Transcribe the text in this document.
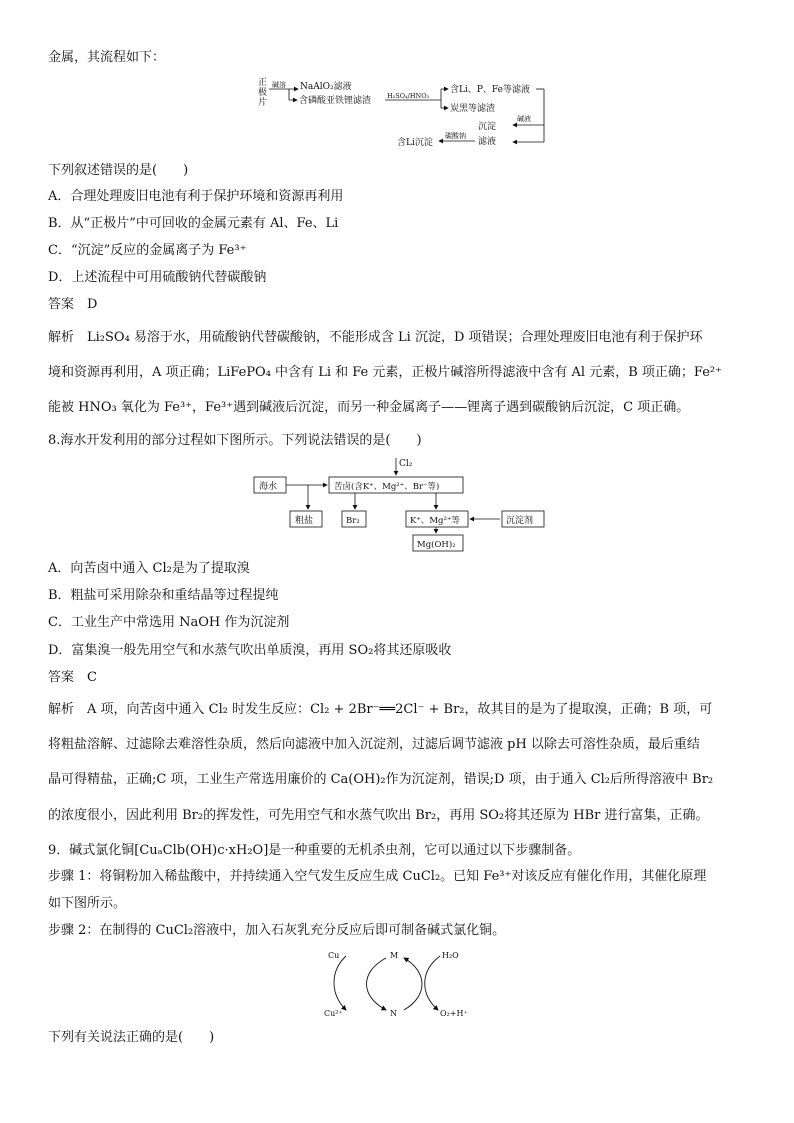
金属，其流程如下：
正
极
片
碱溶 NaAlO₂滤液
含磷酸亚铁锂滤渣 H₂SO₄/HNO₃
含Li、P、Fe等滤液
炭黑等滤渣
碱液
沉淀
滤液
碳酸钠
含Li沉淀
下列叙述错误的是(　　)
A．合理处理废旧电池有利于保护环境和资源再利用
B．从“正极片”中可回收的金属元素有 Al、Fe、Li
C．“沉淀”反应的金属离子为 Fe³⁺
D．上述流程中可用硫酸钠代替碳酸钠
答案　D
解析　Li₂SO₄ 易溶于水，用硫酸钠代替碳酸钠，不能形成含 Li 沉淀，D 项错误；合理处理废旧电池有利于保护环
境和资源再利用，A 项正确；LiFePO₄ 中含有 Li 和 Fe 元素，正极片碱溶所得滤液中含有 Al 元素，B 项正确；Fe²⁺
能被 HNO₃ 氧化为 Fe³⁺，Fe³⁺遇到碱液后沉淀，而另一种金属离子——锂离子遇到碳酸钠后沉淀，C 项正确。
8.海水开发利用的部分过程如下图所示。下列说法错误的是(　　)
Cl₂
海水	苦卤(含K⁺、Mg²⁺、Br⁻等)
粗盐	Br₂	K⁺、Mg²⁺等	沉淀剂
Mg(OH)₂
A．向苦卤中通入 Cl₂是为了提取溴
B．粗盐可采用除杂和重结晶等过程提纯
C．工业生产中常选用 NaOH 作为沉淀剂
D．富集溴一般先用空气和水蒸气吹出单质溴，再用 SO₂将其还原吸收
答案　C
解析　A 项，向苦卤中通入 Cl₂ 时发生反应：Cl₂ + 2Br⁻══2Cl⁻ + Br₂，故其目的是为了提取溴，正确；B 项，可
将粗盐溶解、过滤除去难溶性杂质，然后向滤液中加入沉淀剂，过滤后调节滤液 pH 以除去可溶性杂质，最后重结
晶可得精盐，正确;C 项，工业生产常选用廉价的 Ca(OH)₂作为沉淀剂，错误;D 项，由于通入 Cl₂后所得溶液中 Br₂
的浓度很小，因此利用 Br₂的挥发性，可先用空气和水蒸气吹出 Br₂，再用 SO₂将其还原为 HBr 进行富集，正确。
9．碱式氯化铜[CuₐClb(OH)c·xH₂O]是一种重要的无机杀虫剂，它可以通过以下步骤制备。
步骤 1：将铜粉加入稀盐酸中，并持续通入空气发生反应生成 CuCl₂。已知 Fe³⁺对该反应有催化作用，其催化原理
如下图所示。
步骤 2：在制得的 CuCl₂溶液中，加入石灰乳充分反应后即可制备碱式氯化铜。
Cu	M	H₂O
Cu²⁺	N	O₂+H⁺
下列有关说法正确的是(　　)
